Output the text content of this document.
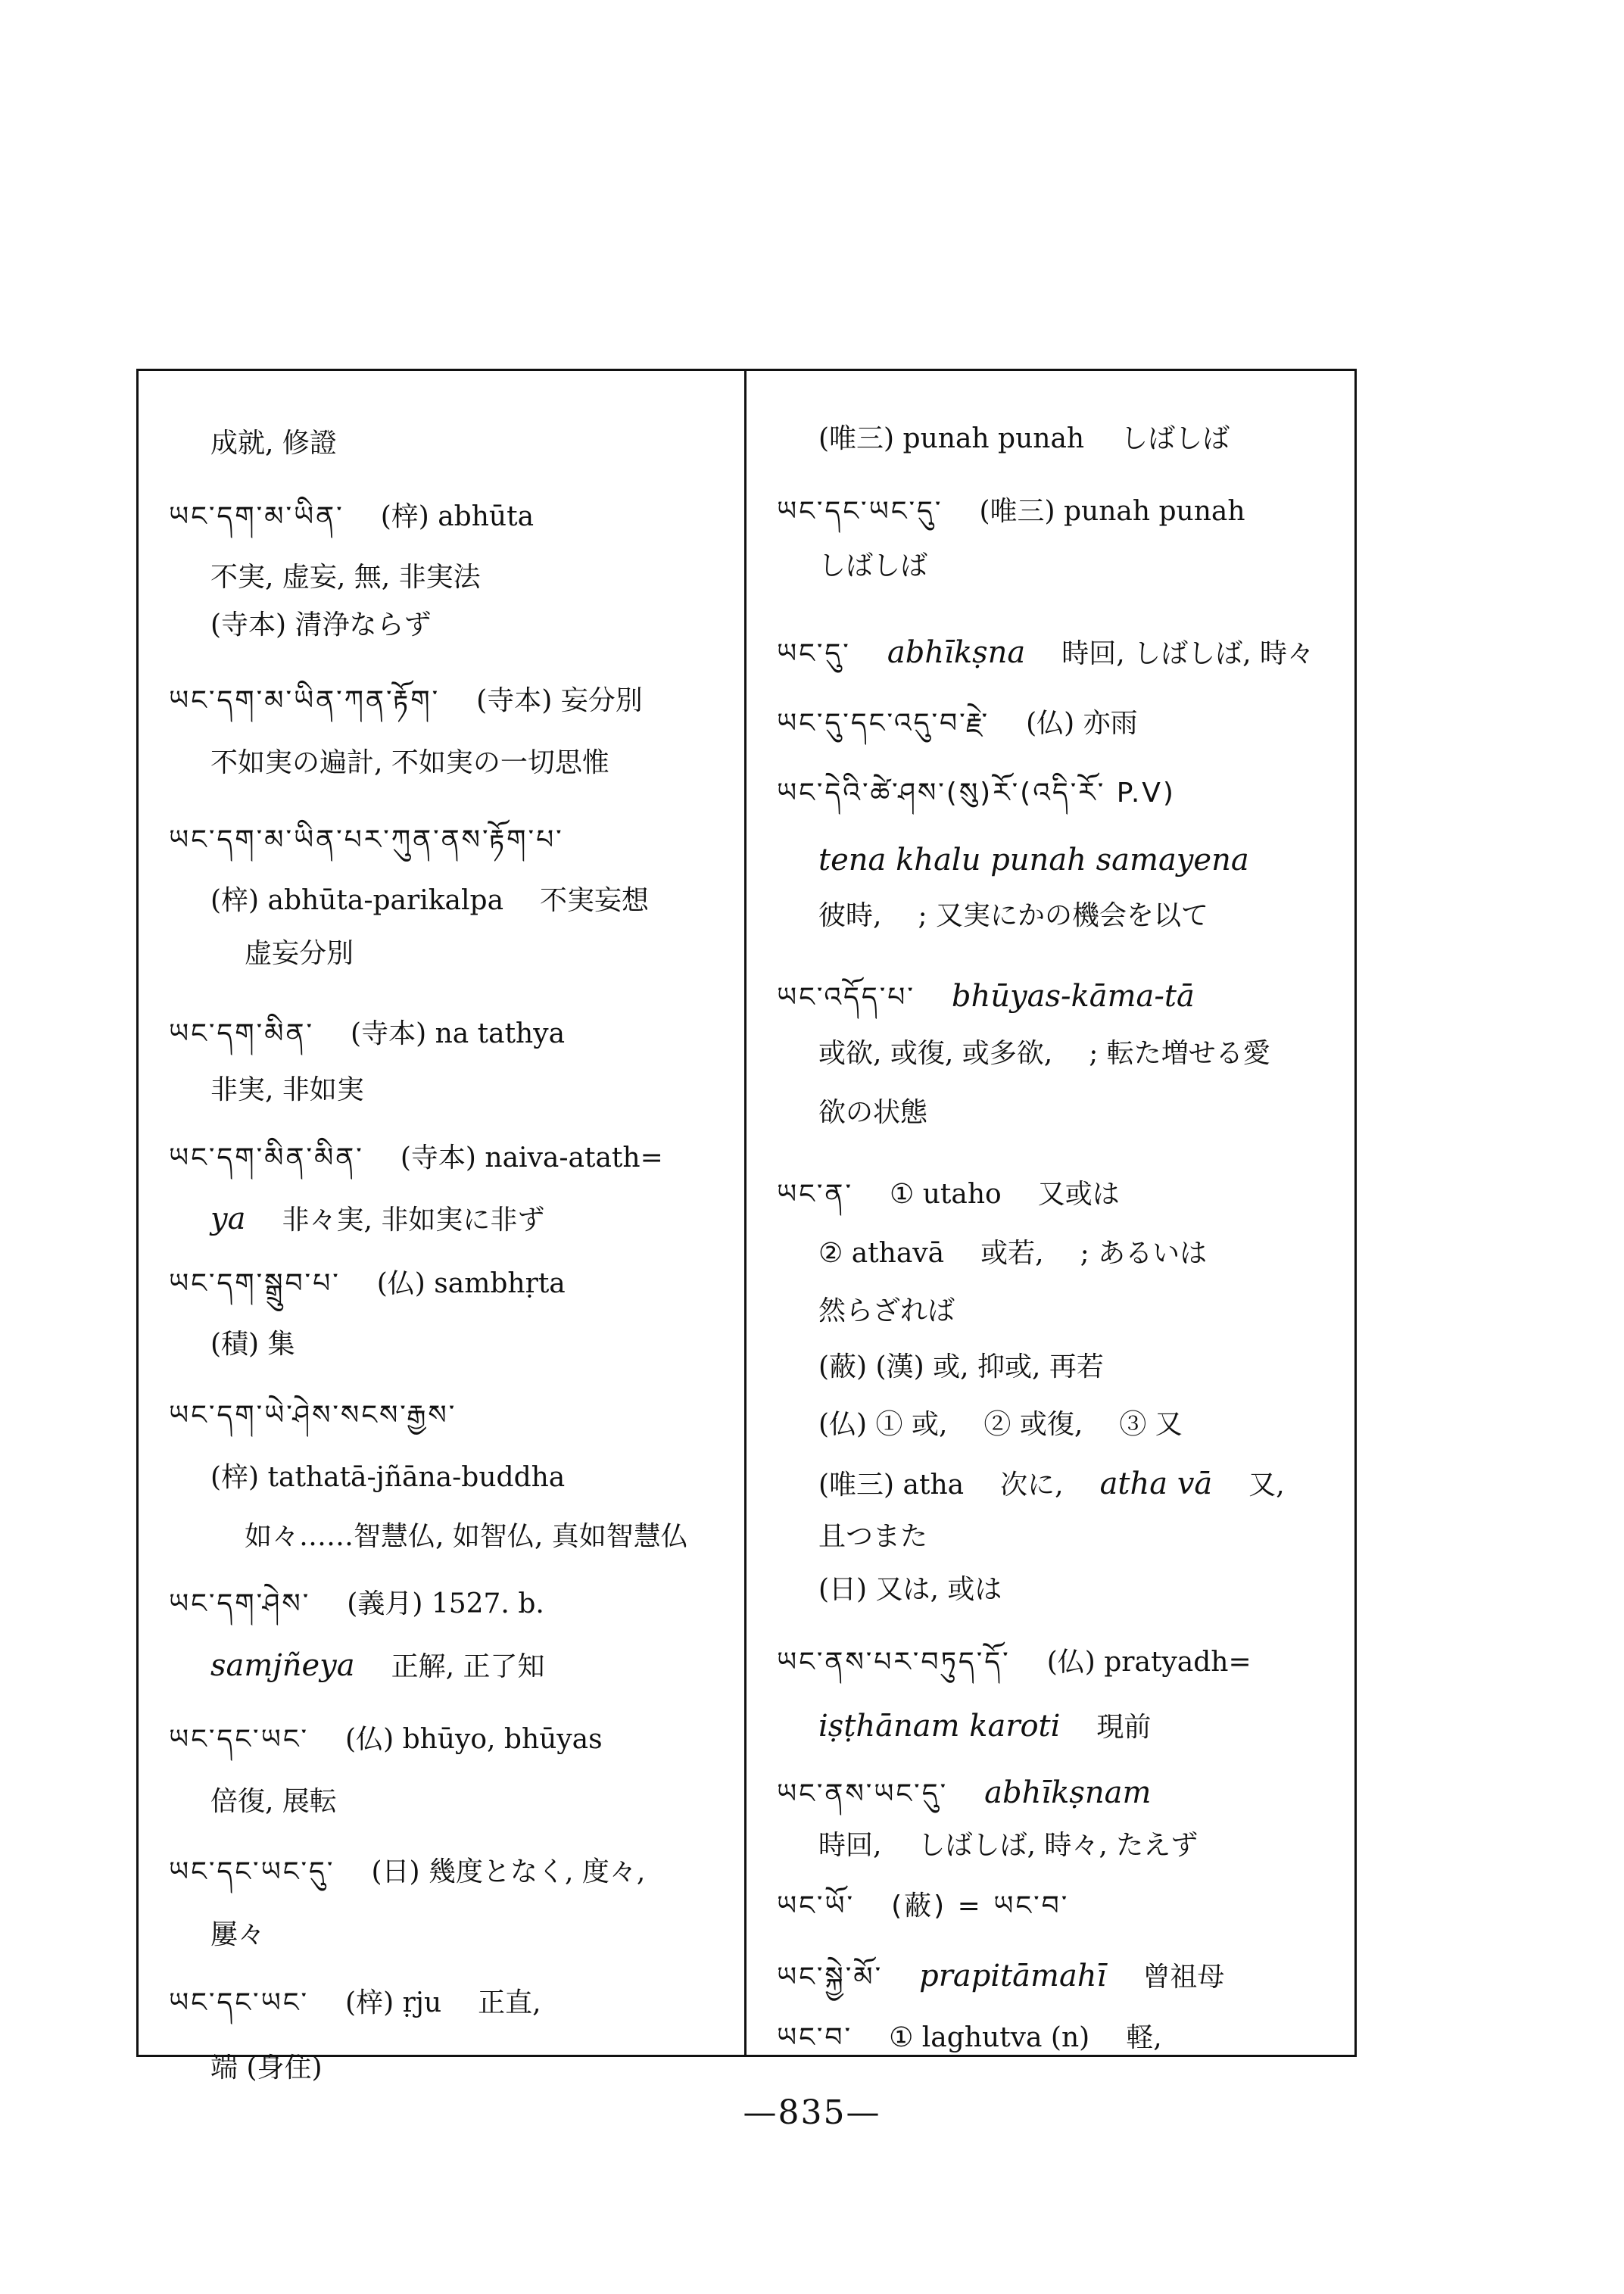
成就, 修證
ཡང་དག་མ་ཡིན་ (梓) abhūta
不実, 虚妄, 無, 非実法
(寺本) 清浄ならず
ཡང་དག་མ་ཡིན་ཀན་རྟོག་ (寺本) 妄分別
不如実の遍計, 不如実の一切思惟
ཡང་དག་མ་ཡིན་པར་ཀུན་ནས་རྟོག་པ་
(梓) abhūta-parikalpa 不実妄想
虚妄分別
ཡང་དག་མིན་ (寺本) na tathya
非実, 非如実
ཡང་དག་མིན་མིན་ (寺本) naiva-atath=
ya 非々実, 非如実に非ず
ཡང་དག་སྒྲུབ་པ་ (仏) sambhṛta
(積) 集
ཡང་དག་ཡེ་ཤེས་སངས་རྒྱས་
(梓) tathatā-jñāna-buddha
如々……智慧仏, 如智仏, 真如智慧仏
ཡང་དག་ཤེས་ (義月) 1527. b.
samjñeya 正解, 正了知
ཡང་དང་ཡང་ (仏) bhūyo, bhūyas
倍復, 展転
ཡང་དང་ཡང་དུ་ (日) 幾度となく, 度々,
屢々
ཡང་དང་ཡང་ (梓) ṛju 正直,
端 (身住)
(唯三) punah punah しばしば
ཡང་དང་ཡང་དུ་ (唯三) punah punah
しばしば
ཡང་དུ་ abhīkṣna 時回, しばしば, 時々
ཡང་དུ་དང་འདུ་བ་རྗེ་ (仏) 亦雨
ཡང་དེའི་ཚེ་ཤས་(སུ)རོ་(འདི་རོ་ P.V)
tena khalu punah samayena
彼時, ; 又実にかの機会を以て
ཡང་འདོད་པ་ bhūyas-kāma-tā
或欲, 或復, 或多欲, ; 転た増せる愛
欲の状態
ཡང་ན་ ① utaho 又或は
② athavā 或若, ; あるいは
然らざれば
(蔽) (漢) 或, 抑或, 再若
(仏) ① 或, ② 或復, ③ 又
(唯三) atha 次に, atha vā 又,
且つまた
(日) 又は, 或は
ཡང་ནས་པར་བཏུད་དོ་ (仏) pratyadh=
iṣṭhānam karoti 現前
ཡང་ནས་ཡང་དུ་ abhīkṣnam
時回, しばしば, 時々, たえず
ཡང་ཡོ་ (蔽) = ཡང་བ་
ཡང་སྐྱེ་མོ་ prapitāmahī 曾祖母
ཡང་བ་ ① laghutva (n) 軽,
—835—
